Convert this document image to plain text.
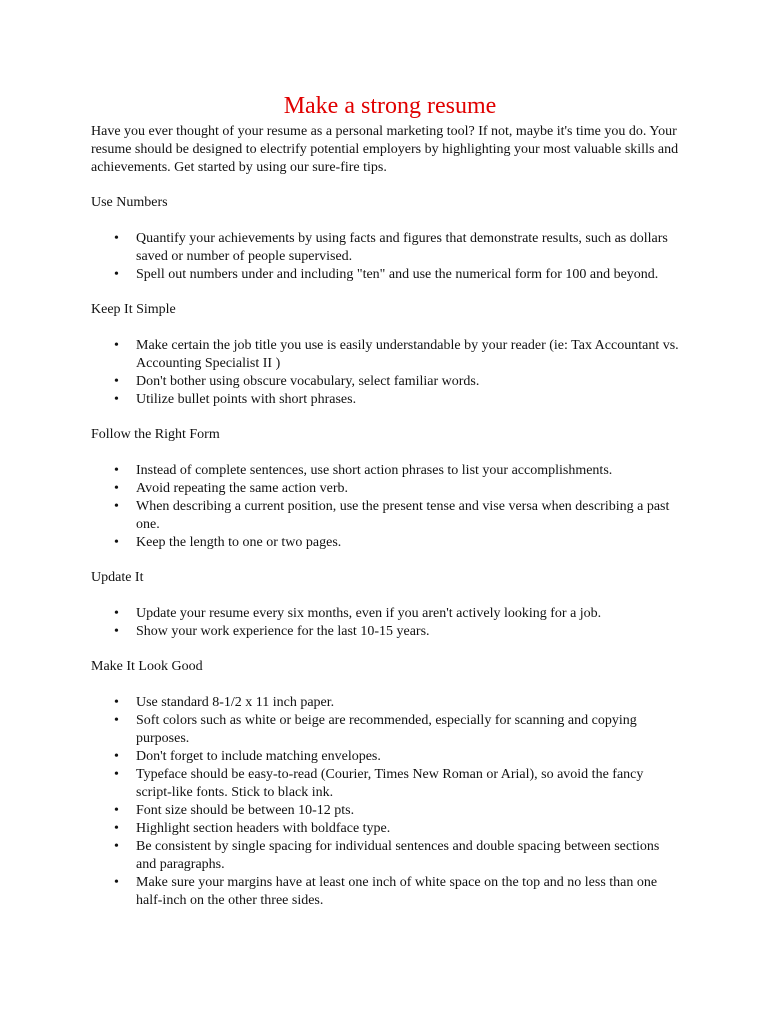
Make a strong resume

Have you ever thought of your resume as a personal marketing tool? If not, maybe it's time you do. Your resume should be designed to electrify potential employers by highlighting your most valuable skills and achievements. Get started by using our sure-fire tips.

Use Numbers

• Quantify your achievements by using facts and figures that demonstrate results, such as dollars saved or number of people supervised.
• Spell out numbers under and including "ten" and use the numerical form for 100 and beyond.

Keep It Simple

• Make certain the job title you use is easily understandable by your reader (ie: Tax Accountant vs. Accounting Specialist II )
• Don't bother using obscure vocabulary, select familiar words.
• Utilize bullet points with short phrases.

Follow the Right Form

• Instead of complete sentences, use short action phrases to list your accomplishments.
• Avoid repeating the same action verb.
• When describing a current position, use the present tense and vise versa when describing a past one.
• Keep the length to one or two pages.

Update It

• Update your resume every six months, even if you aren't actively looking for a job.
• Show your work experience for the last 10-15 years.

Make It Look Good

• Use standard 8-1/2 x 11 inch paper.
• Soft colors such as white or beige are recommended, especially for scanning and copying purposes.
• Don't forget to include matching envelopes.
• Typeface should be easy-to-read (Courier, Times New Roman or Arial), so avoid the fancy script-like fonts. Stick to black ink.
• Font size should be between 10-12 pts.
• Highlight section headers with boldface type.
• Be consistent by single spacing for individual sentences and double spacing between sections and paragraphs.
• Make sure your margins have at least one inch of white space on the top and no less than one half-inch on the other three sides.
